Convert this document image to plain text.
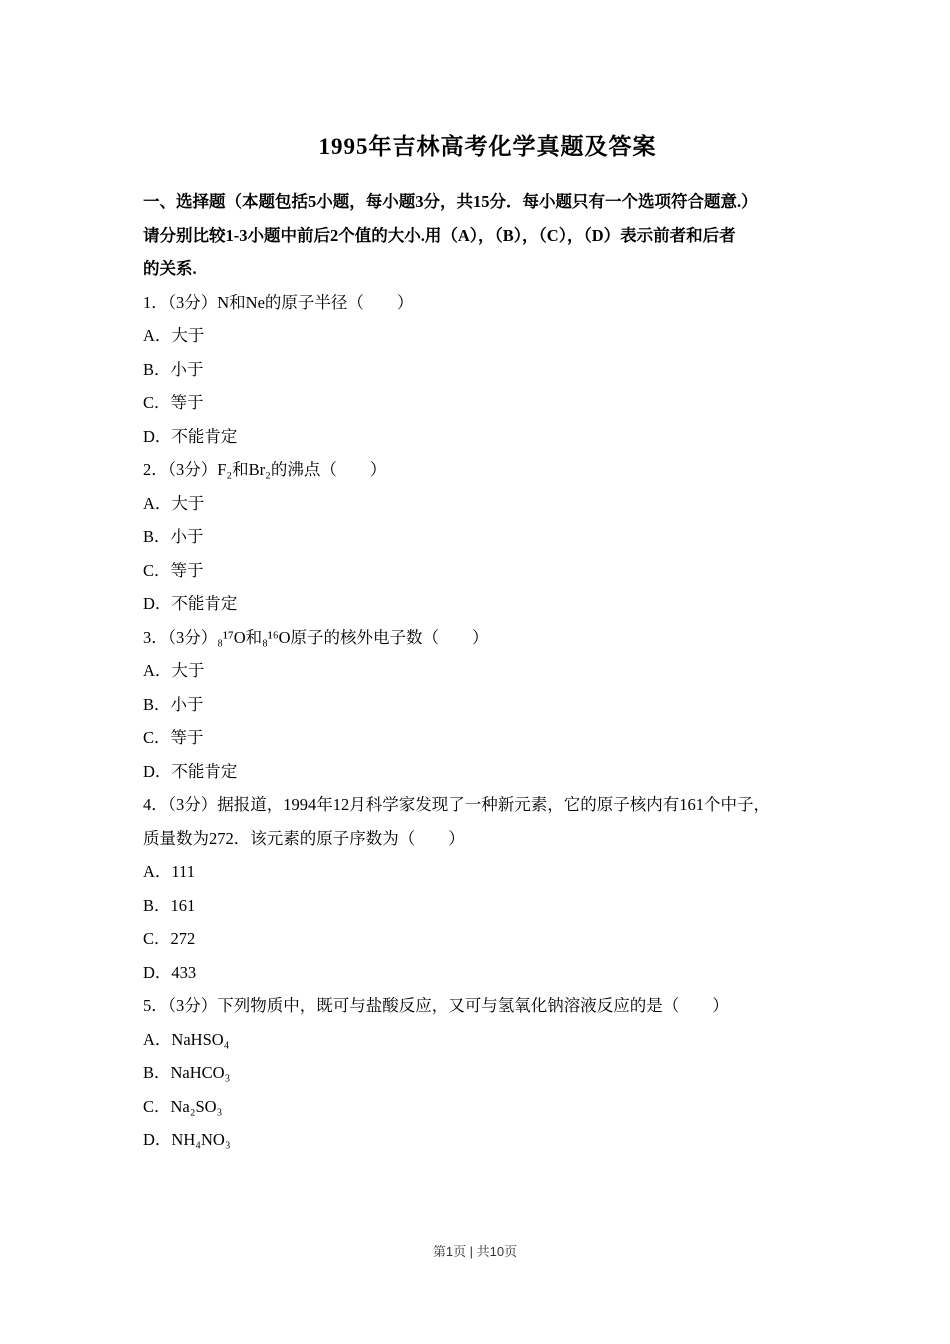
1995年吉林高考化学真题及答案
一、选择题（本题包括5小题，每小题3分，共15分．每小题只有一个选项符合题意.）
请分别比较1-3小题中前后2个值的大小.用（A），（B），（C），（D）表示前者和后者
的关系.
1．（3分）N和Ne的原子半径（　　）
A．大于
B．小于
C．等于
D．不能肯定
2．（3分）F₂和Br₂的沸点（　　）
A．大于
B．小于
C．等于
D．不能肯定
3．（3分）₈¹⁷O和₈¹⁶O原子的核外电子数（　　）
A．大于
B．小于
C．等于
D．不能肯定
4．（3分）据报道，1994年12月科学家发现了一种新元素，它的原子核内有161个中子，
质量数为272．该元素的原子序数为（　　）
A．111
B．161
C．272
D．433
5．（3分）下列物质中，既可与盐酸反应，又可与氢氧化钠溶液反应的是（　　）
A．NaHSO₄
B．NaHCO₃
C．Na₂SO₃
D．NH₄NO₃
第1页 | 共10页
